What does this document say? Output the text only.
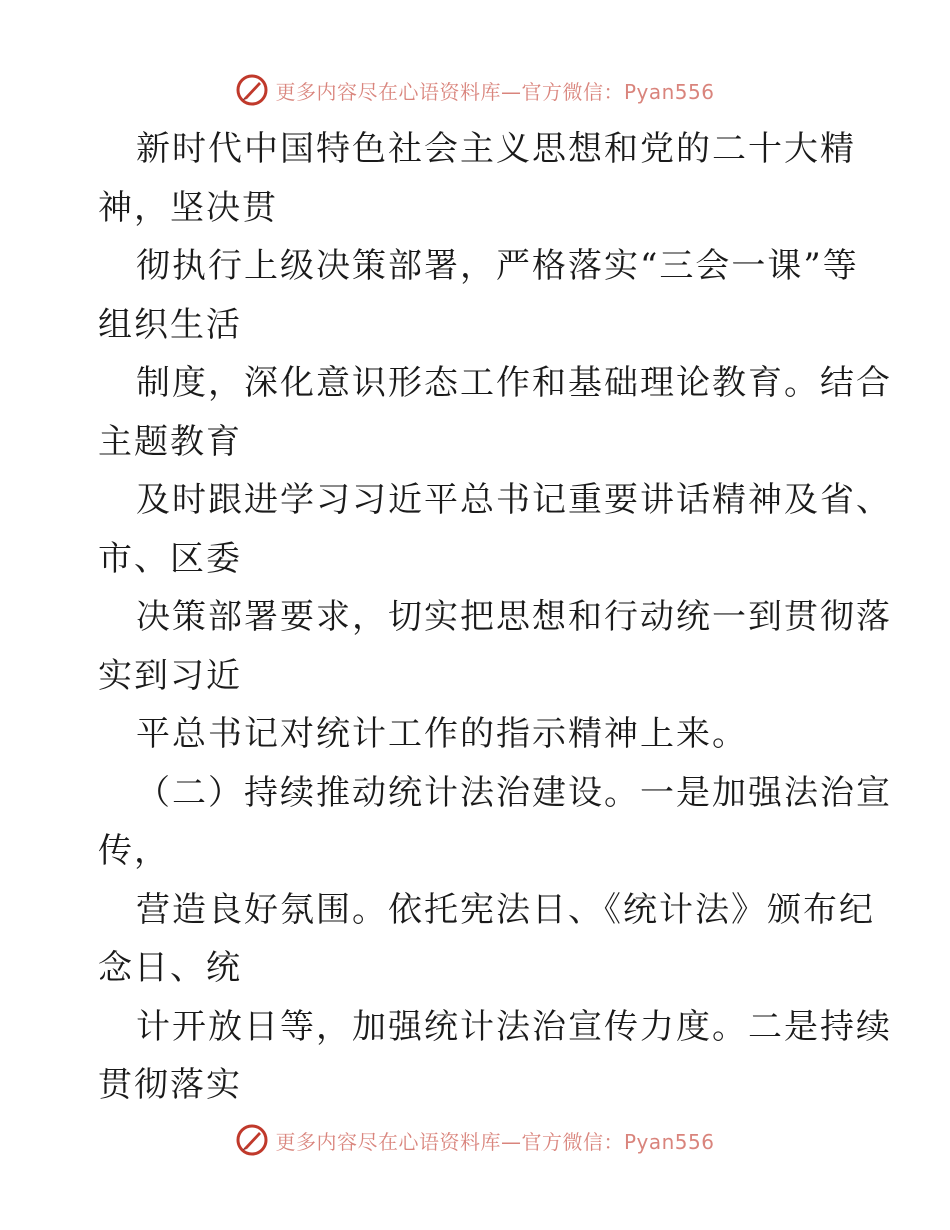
更多内容尽在心语资料库—官方微信：Pyan556
新时代中国特色社会主义思想和党的二十大精
神，坚决贯
彻执行上级决策部署，严格落实“三会一课”等
组织生活
制度，深化意识形态工作和基础理论教育。结合
主题教育
及时跟进学习习近平总书记重要讲话精神及省、
市、区委
决策部署要求，切实把思想和行动统一到贯彻落
实到习近
平总书记对统计工作的指示精神上来。
（二）持续推动统计法治建设。一是加强法治宣
传，
营造良好氛围。依托宪法日、《统计法》颁布纪
念日、统
计开放日等，加强统计法治宣传力度。二是持续
贯彻落实
更多内容尽在心语资料库—官方微信：Pyan556
